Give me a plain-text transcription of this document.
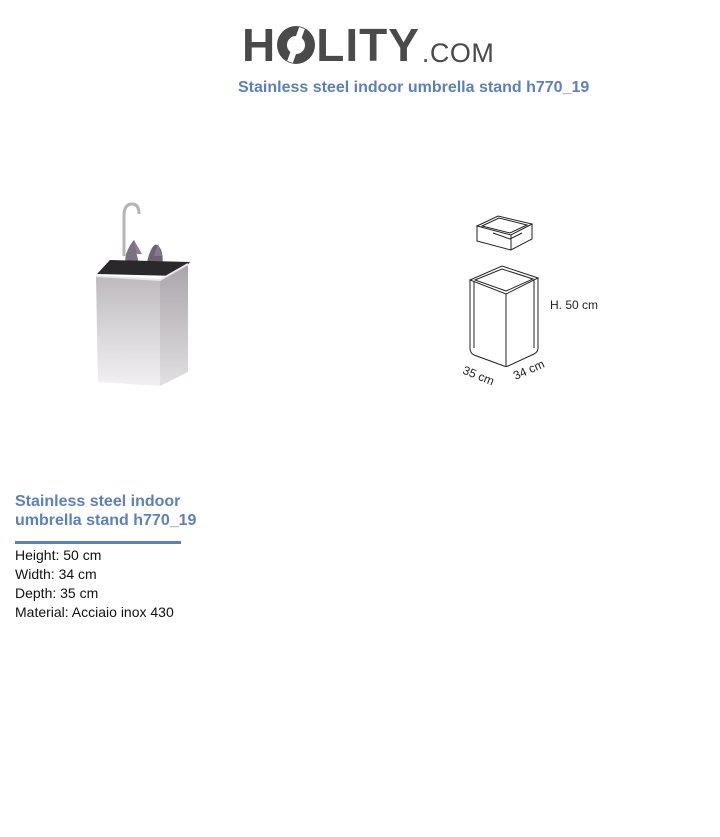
H LITY .COM
Stainless steel indoor umbrella stand h770_19
H. 50 cm
35 cm 34 cm
Stainless steel indoor
umbrella stand h770_19
Height: 50 cm
Width: 34 cm
Depth: 35 cm
Material: Acciaio inox 430
